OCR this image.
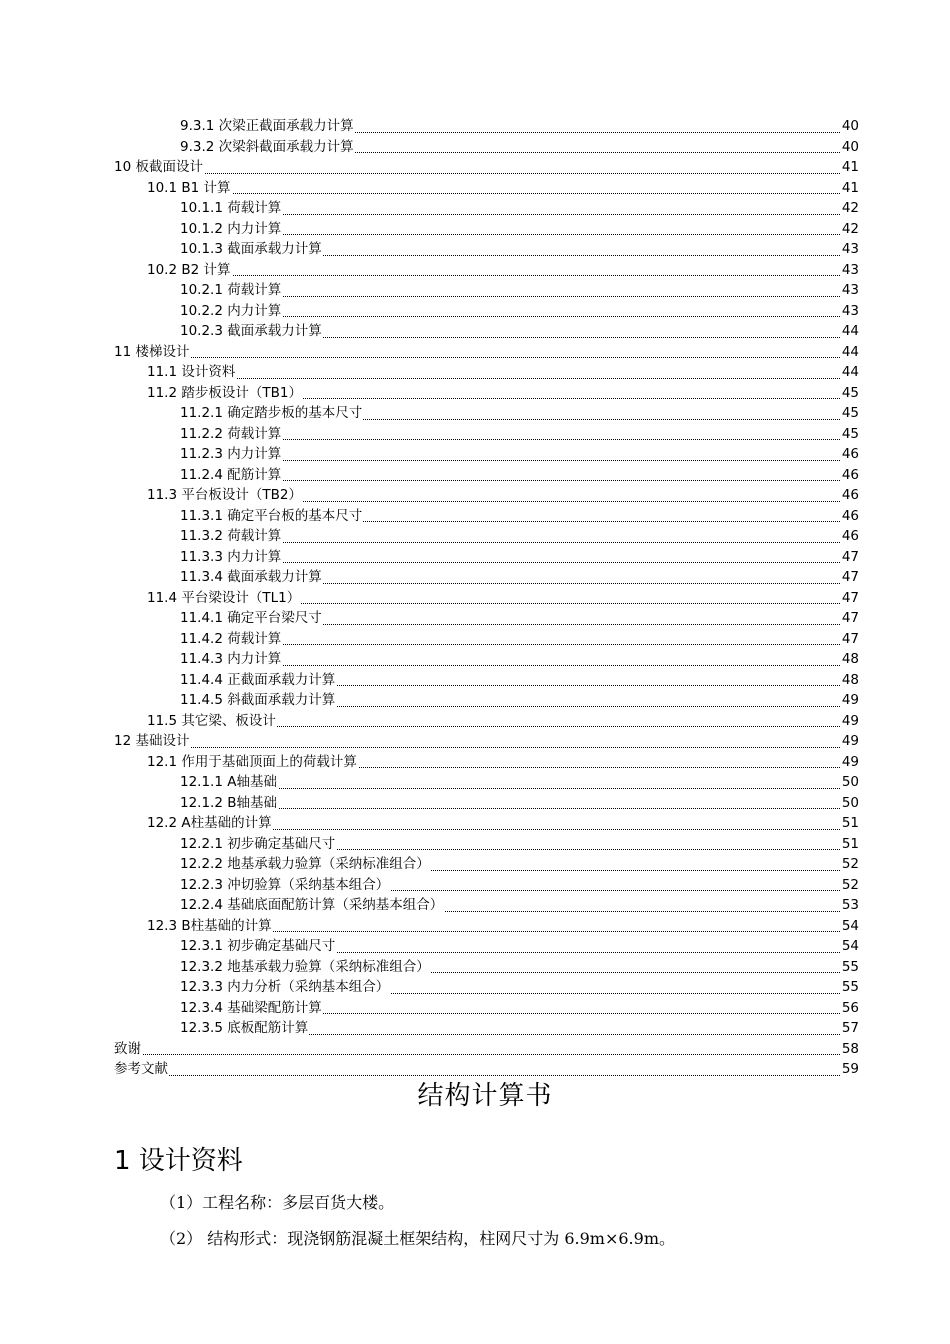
9.3.1 次梁正截面承载力计算	40
9.3.2 次梁斜截面承载力计算	40
10 板截面设计	41
10.1 B1 计算	41
10.1.1 荷载计算	42
10.1.2 内力计算	42
10.1.3 截面承载力计算	43
10.2 B2 计算	43
10.2.1 荷载计算	43
10.2.2 内力计算	43
10.2.3 截面承载力计算	44
11 楼梯设计	44
11.1 设计资料	44
11.2 踏步板设计（TB1）	45
11.2.1 确定踏步板的基本尺寸	45
11.2.2 荷载计算	45
11.2.3 内力计算	46
11.2.4 配筋计算	46
11.3 平台板设计（TB2）	46
11.3.1 确定平台板的基本尺寸	46
11.3.2 荷载计算	46
11.3.3 内力计算	47
11.3.4 截面承载力计算	47
11.4 平台梁设计（TL1）	47
11.4.1 确定平台梁尺寸	47
11.4.2 荷载计算	47
11.4.3 内力计算	48
11.4.4 正截面承载力计算	48
11.4.5 斜截面承载力计算	49
11.5 其它梁、板设计	49
12 基础设计	49
12.1 作用于基础顶面上的荷载计算	49
12.1.1 A轴基础	50
12.1.2 B轴基础	50
12.2 A柱基础的计算	51
12.2.1 初步确定基础尺寸	51
12.2.2 地基承载力验算（采纳标准组合）	52
12.2.3 冲切验算（采纳基本组合）	52
12.2.4 基础底面配筋计算（采纳基本组合）	53
12.3 B柱基础的计算	54
12.3.1 初步确定基础尺寸	54
12.3.2 地基承载力验算（采纳标准组合）	55
12.3.3 内力分析（采纳基本组合）	55
12.3.4 基础梁配筋计算	56
12.3.5 底板配筋计算	57
致谢	58
参考文献	59
结构计算书
1 设计资料
（1）工程名称：多层百货大楼。
（2） 结构形式：现浇钢筋混凝土框架结构，柱网尺寸为 6.9m×6.9m。
